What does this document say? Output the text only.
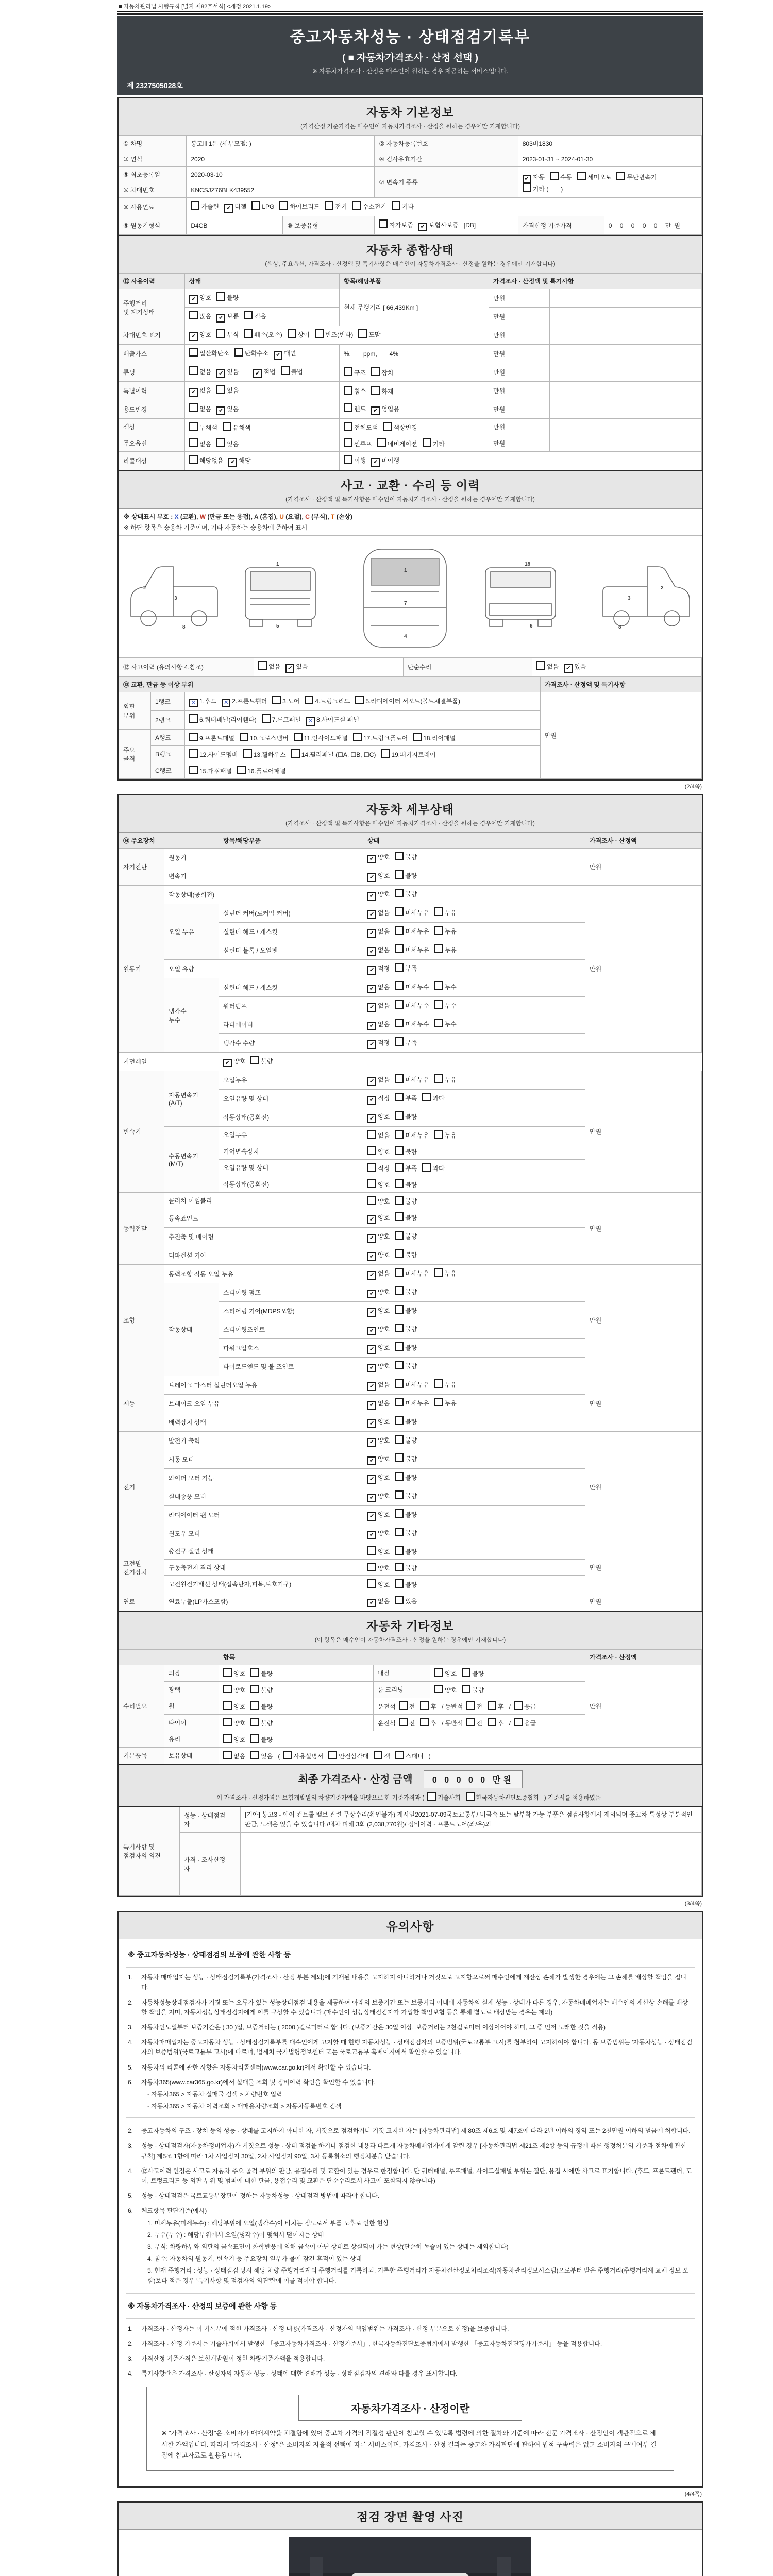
■ 자동차관리법 시행규칙 [별지 제82호서식] <개정 2021.1.19>
중고자동차성능 · 상태점검기록부
( ■ 자동차가격조사 · 산정 선택 )
※ 자동차가격조사 · 산정은 매수인이 원하는 경우 제공하는 서비스입니다.
제 2327505028호
자동차 기본정보
(가격산정 기준가격은 매수인이 자동차가격조사 · 산정을 원하는 경우에만 기재합니다)
① 차명	봉고Ⅲ 1톤 (세부모델: )		② 자동차등록번호	803버1830	
③ 연식	2020		④ 검사유효기간	2023-01-31 ~ 2024-01-30	
⑤ 최초등록일	2020-03-10		⑦ 변속기 종류	✔ 자동 수동 세미오토 무단변속기기타 (　　)	
⑥ 차대번호	KNCSJZ76BLK439552				
⑧ 사용연료	가솔린 ✔ 디젤 LPG 하이브리드 전기 수소전기 기타				
⑨ 원동기형식	D4CB	⑩ 보증유형	자가보증 ✔ 보험사보증 [DB]	가격산정 기준가격	0 0 0 0 0 만원
자동차 종합상태
(색상, 주요옵션, 가격조사 · 산정액 및 특기사항은 매수인이 자동차가격조사 · 산정을 원하는 경우에만 기재합니다)
⑪ 사용이력	상태	항목/해당부품	가격조사 · 산정액 및 특기사항	
주행거리
및 계기상태	✔ 양호 불량	현재 주행거리 [ 66,439Km ]	만원	
	많음 ✔ 보통 적음		만원	
차대번호 표기	✔ 양호 부식 훼손(오손) 상이 변조(변타) 도말		만원	
배출가스	일산화탄소 탄화수소 ✔ 매연	%,　　ppm,　　4%	만원	
튜닝	없음 ✔ 있음　 ✔ 적법 불법	구조 장치	만원	
특별이력	✔ 없음 있음	침수 화재	만원	
용도변경	없음 ✔ 있음	렌트 ✔ 영업용	만원	
색상	무채색 유채색	전체도색 색상변경	만원	
주요옵션	없음 있음	썬루프 네비게이션 기타	만원	
리콜대상	해당없음 ✔ 해당	이행 ✔ 미이행		
사고 · 교환 · 수리 등 이력
(가격조사 · 산정액 및 특기사항은 매수인이 자동차가격조사 · 산정을 원하는 경우에만 기재합니다)
※ 상태표시 부호 : X (교환), W (판금 또는 용접), A (흠집), U (요철), C (부식), T (손상)
※ 하단 항목은 승용차 기준이며, 기타 자동차는 승용차에 준하여 표시
2
3
8
1
5
1
7
4
18
6
2
3
8
⑫ 사고이력 (유의사항 4.참조)	없음 ✔ 있음	단순수리	없음 ✔ 있음
⑬ 교환, 판금 등 이상 부위			가격조사 · 산정액 및 특기사항	
외판
부위	1랭크	✕ 1.후드 ✕ 2.프론트휀더 3.도어 4.트렁크리드 5.라디에이터 서포트(볼트체결부품)	만원	
	2랭크	6.쿼터패널(리어휀다) 7.루프패널 ✕ 8.사이드실 패널		
주요
골격	A랭크	9.프론트패널 10.크로스멤버 11.인사이드패널 17.트렁크플로어 18.리어패널		
	B랭크	12.사이드멤버 13.휠하우스 14.필러패널 (☐A, ☐B, ☐C) 19.패키지트레이		
	C랭크	15.대쉬패널 16.플로어패널		
(2/4쪽)
자동차 세부상태
(가격조사 · 산정액 및 특기사항은 매수인이 자동차가격조사 · 산정을 원하는 경우에만 기재합니다)
⑭ 주요장치		항목/해당부품	상태	가격조사 · 산정액	
자기진단	원동기		✔ 양호 불량	만원	
	변속기		✔ 양호 불량		
원동기	작동상태(공회전)		✔ 양호 불량	만원	
	오일 누유	실린더 커버(로커암 커버)	✔ 없음 미세누유 누유		
		실린더 헤드 / 개스킷	✔ 없음 미세누유 누유		
		실린더 블록 / 오일팬	✔ 없음 미세누유 누유		
	오일 유량		✔ 적정 부족		
	냉각수
누수	실린더 헤드 / 개스킷	✔ 없음 미세누수 누수		
		워터펌프	✔ 없음 미세누수 누수		
		라디에이터	✔ 없음 미세누수 누수		
		냉각수 수량	✔ 적정 부족		
커먼레일		✔ 양호 불량			
변속기	자동변속기
(A/T)	오일누유	✔ 없음 미세누유 누유	만원	
		오일유량 및 상태	✔ 적정 부족 과다		
		작동상태(공회전)	✔ 양호 불량		
	수동변속기
(M/T)	오일누유	없음 미세누유 누유		
		기어변속장치	양호 불량		
		오일유량 및 상태	적정 부족 과다		
		작동상태(공회전)	양호 불량		
동력전달	클러치 어셈블리		양호 불량	만원	
	등속죠인트		✔ 양호 불량		
	추진축 및 베어링		✔ 양호 불량		
	디파렌셜 기어		✔ 양호 불량		
조향	동력조향 작동 오일 누유		✔ 없음 미세누유 누유	만원	
	작동상태	스티어링 펌프	✔ 양호 불량		
		스티어링 기어(MDPS포함)	✔ 양호 불량		
		스티어링조인트	✔ 양호 불량		
		파워고압호스	✔ 양호 불량		
		타이로드엔드 및 볼 조인트	✔ 양호 불량		
제동	브레이크 마스터 실린더오일 누유		✔ 없음 미세누유 누유	만원	
	브레이크 오일 누유		✔ 없음 미세누유 누유		
	배력장치 상태		✔ 양호 불량		
전기	발전기 출력		✔ 양호 불량	만원	
	시동 모터		✔ 양호 불량		
	와이퍼 모터 기능		✔ 양호 불량		
	실내송풍 모터		✔ 양호 불량		
	라디에이터 팬 모터		✔ 양호 불량		
	윈도우 모터		✔ 양호 불량		
고전원
전기장치	충전구 절연 상태		양호 불량	만원	
	구동축전지 격리 상태		양호 불량		
	고전원전기배선 상태(접속단자,피복,보호기구)		양호 불량		
연료	연료누출(LP가스포함)		✔ 없음 있음	만원	
자동차 기타정보
(이 항목은 매수인이 자동차가격조사 · 산정을 원하는 경우에만 기재합니다)
		항목			가격조사 · 산정액	
수리필요	외장	양호 불량	내장	양호 불량	만원	
	광택	양호 불량	룸 크리닝	양호 불량		
	휠	양호 불량	운전석 전 후 / 동반석 전 후 / 응급			
	타이어	양호 불량	운전석 전 후 / 동반석 전 후 / 응급			
	유리	양호 불량				
기본품목	보유상태	없음 있음 ( 사용설명서 안전삼각대 잭 스패너 )				
최종 가격조사 · 산정 금액 0 0 0 0 0 만원
이 가격조사 · 산정가격은 보험개발원의 차량기준가액을 바탕으로 한 기준가격과 (기술사회	한국자동차진단보증협회) 기준서를 적용하였음
특기사항 및
점검자의 의견	성능 · 상태점검
자	[기아] 봉고3 - 에어 컨트롤 밸브 관련 무상수리(확인불가) 게시일2021-07-09국토교통부/ 비금속 또는 탈부착 가능 부품은 점검사항에서 제외되며 중고차 특성상 부분적인 판금, 도색은 있을 수 있습니다./내차 피해 3회 (2,038,770원)/ 정비이력 - 프론트도어(좌/우)외
	가격 · 조사산정
자	
(3/4쪽)
유의사항
※ 중고자동차성능 · 상태점검의 보증에 관한 사항 등
1.	자동차 매매업자는 성능 · 상태점검기록부(가격조사 · 산정 부분 제외)에 기재된 내용을 고지하지 아니하거나 거짓으로 고지함으로써 매수인에게 재산상 손해가 발생한 경우에는 그 손해를 배상할 책임을 집니다.
2.	자동차성능상태점검자가 거짓 또는 오류가 있는 성능상태점검 내용을 제공하여 아래의 보증기간 또는 보증거리 이내에 자동차의 실제 성능 · 상태가 다른 경우, 자동차매매업자는 매수인의 재산상 손해를 배상할 책임을 지며, 자동차성능상태점검자에게 이를 구상할 수 있습니다.(매수인이 성능상태점검자가 가입한 책임보험 등을 통해 별도로 배상받는 경우는 제외)
3.	자동차인도일부터 보증기간은 ( 30 )일, 보증거리는 ( 2000 )킬로미터로 합니다. (보증기간은 30일 이상, 보증거리는 2천킬로미터 이상이어야 하며, 그 중 먼저 도래한 것을 적용)
4.	자동차매매업자는 중고자동차 성능 · 상태점검기록부를 매수인에게 고지할 때 현행 자동차성능 · 상태점검자의 보증범위(국토교통부 고시)를 첨부하여 고지하여야 합니다. 동 보증범위는 '자동차성능 · 상태점검자의 보증범위'(국토교통부 고시)에 따르며, 법제처 국가법령정보센터 또는 국토교통부 홈페이지에서 확인할 수 있습니다.
5.	자동차의 리콜에 관한 사항은 자동차리콜센터(www.car.go.kr)에서 확인할 수 있습니다.
6.	자동차365(www.car365.go.kr)에서 실매물 조회 및 정비이력 확인을 확인할 수 있습니다.
- 자동차365 > 자동차 실매물 검색 > 차량번호 입력
- 자동차365 > 자동차 이력조회 > 매매용차량조회 > 자동차등록번호 검색
2.	중고자동차의 구조 · 장치 등의 성능 · 상태를 고지하지 아니한 자, 거짓으로 점검하거나 거짓 고지한 자는 [자동차관리법] 제 80조 제6호 및 제7호에 따라 2년 이하의 징역 또는 2천만원 이하의 벌금에 처합니다.
3.	성능 · 상태점검자(자동차정비업자)가 거짓으로 성능 · 상태 점검을 하거나 점검한 내용과 다르게 자동차매매업자에게 알린 경우 [자동차관리법 제21조 제2항 등의 규정에 따른 행정처분의 기준과 절차에 관한 규칙] 제5조 1항에 따라 1차 사업정지 30일, 2차 사업정지 90일, 3차 등록취소의 행정처분을 받습니다.
4.	⑫사고이력 인정은 사고로 자동차 주요 골격 부위의 판금, 용접수리 및 교환이 있는 경우로 한정합니다. 단 쿼터패널, 루프패널, 사이드실패널 부위는 절단, 용접 시에만 사고로 표기합니다. (후드, 프론트펜더, 도어, 트렁크리드 등 외판 부위 및 범퍼에 대한 판금, 용접수리 및 교환은 단순수리로서 사고에 포함되지 않습니다)
5.	성능 · 상태점검은 국토교통부장관이 정하는 자동차성능 · 상태점검 방법에 따라야 합니다.
6.	체크항목 판단기준(예시)
1. 미세누유(미세누수) : 해당부위에 오일(냉각수)이 비치는 정도로서 부품 노후로 인한 현상
2. 누유(누수) : 해당부위에서 오일(냉각수)이 맺혀서 떨어지는 상태
3. 부식: 차량하부와 외판의 금속표면이 화학반응에 의해 금속이 아닌 상태로 상실되어 가는 현상(단순히 녹슬어 있는 상태는 제외합니다)
4. 침수: 자동차의 원동기, 변속기 등 주요장치 일부가 물에 잠긴 흔적이 있는 상태
5. 현재 주행거리 : 성능 · 상태점검 당시 해당 차량 주행거리계의 주행거리를 기록하되, 기록한 주행거리가 자동차전산정보처리조직(자동차관리정보시스템)으로부터 받은 주행거리(주행거리계 교체 정보 포함)보다 적은 경우 '특기사항 및 점검자의 의견'란에 이를 적어야 합니다.
※ 자동차가격조사 · 산정의 보증에 관한 사항 등
1.	가격조사 · 산정자는 이 기록부에 적힌 가격조사 · 산정 내용(가격조사 · 산정자의 책임범위는 가격조사 · 산정 부분으로 한정)을 보증합니다.
2.	가격조사 · 산정 기준서는 기술사회에서 발행한 「중고자동차가격조사 · 산정기준서」, 한국자동차진단보증협회에서 발행한 「중고자동차진단평가기준서」 등을 적용합니다.
3.	가격산정 기준가격은 보험개발원이 정한 차량기준가액을 적용합니다.
4.	특기사항란은 가격조사 · 산정자의 자동차 성능 · 상태에 대한 견해가 성능 · 상태점검자의 견해와 다를 경우 표시합니다.
자동차가격조사 · 산정이란
※ "가격조사 · 산정"은 소비자가 매매계약을 체결함에 있어 중고차 가격의 적절성 판단에 참고할 수 있도록 법령에 의한 절차와 기준에 따라 전문 가격조사 · 산정인이 객관적으로 제시한 가액입니다. 따라서 "가격조사 · 산정"은 소비자의 자율적 선택에 따른 서비스이며, 가격조사 · 산정 결과는 중고차 가격판단에 관하여 법적 구속력은 없고 소비자의 구매여부 결정에 참고자료로 활용됩니다.
(4/4쪽)
점검 장면 촬영 사진
